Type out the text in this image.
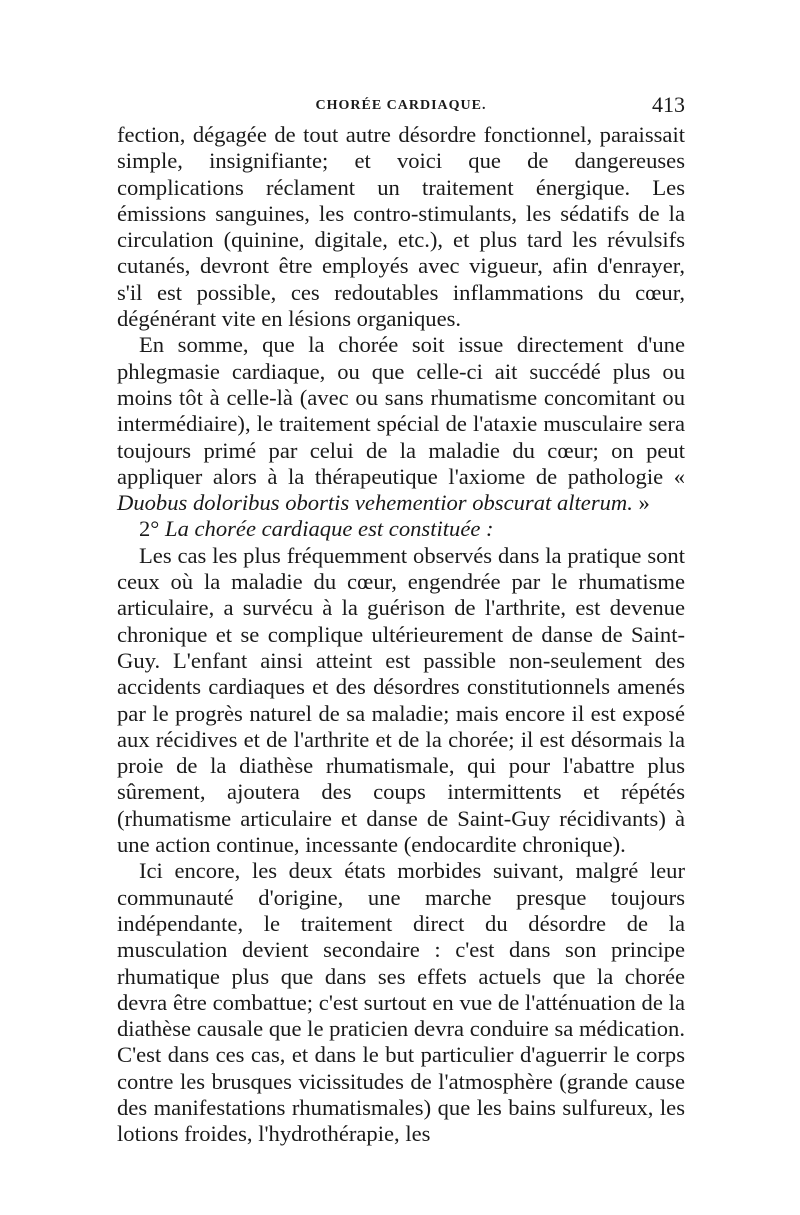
CHORÉE CARDIAQUE.	413

fection, dégagée de tout autre désordre fonctionnel, paraissait simple, insignifiante; et voici que de dangereuses complications réclament un traitement énergique. Les émissions sanguines, les contro-stimulants, les sédatifs de la circulation (quinine, digitale, etc.), et plus tard les révulsifs cutanés, devront être employés avec vigueur, afin d'enrayer, s'il est possible, ces redoutables inflammations du cœur, dégénérant vite en lésions organiques.

En somme, que la chorée soit issue directement d'une phlegmasie cardiaque, ou que celle-ci ait succédé plus ou moins tôt à celle-là (avec ou sans rhumatisme concomitant ou intermédiaire), le traitement spécial de l'ataxie musculaire sera toujours primé par celui de la maladie du cœur; on peut appliquer alors à la thérapeutique l'axiome de pathologie « Duobus doloribus obortis vehementior obscurat alterum. »

2° La chorée cardiaque est constituée :

Les cas les plus fréquemment observés dans la pratique sont ceux où la maladie du cœur, engendrée par le rhumatisme articulaire, a survécu à la guérison de l'arthrite, est devenue chronique et se complique ultérieurement de danse de Saint-Guy. L'enfant ainsi atteint est passible non-seulement des accidents cardiaques et des désordres constitutionnels amenés par le progrès naturel de sa maladie; mais encore il est exposé aux récidives et de l'arthrite et de la chorée; il est désormais la proie de la diathèse rhumatismale, qui pour l'abattre plus sûrement, ajoutera des coups intermittents et répétés (rhumatisme articulaire et danse de Saint-Guy récidivants) à une action continue, incessante (endocardite chronique).

Ici encore, les deux états morbides suivant, malgré leur communauté d'origine, une marche presque toujours indépendante, le traitement direct du désordre de la musculation devient secondaire : c'est dans son principe rhumatique plus que dans ses effets actuels que la chorée devra être combattue; c'est surtout en vue de l'atténuation de la diathèse causale que le praticien devra conduire sa médication. C'est dans ces cas, et dans le but particulier d'aguerrir le corps contre les brusques vicissitudes de l'atmosphère (grande cause des manifestations rhumatismales) que les bains sulfureux, les lotions froides, l'hydrothérapie, les
